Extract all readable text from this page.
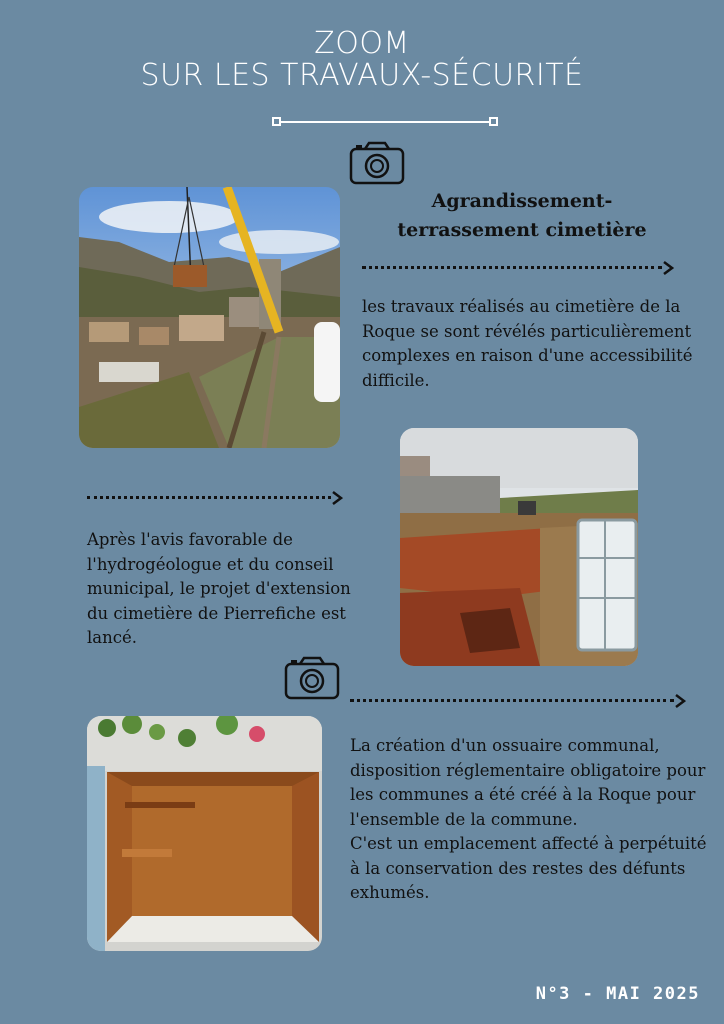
ZOOM
SUR LES TRAVAUX-SÉCURITÉ
Agrandissement-
terrassement cimetière
les travaux réalisés au cimetière de la
Roque se sont révélés particulièrement
complexes en raison d'une accessibilité
difficile.
Après l'avis favorable de
l'hydrogéologue et du conseil
municipal, le projet d'extension
du cimetière de Pierrefiche est
lancé.
La création d'un ossuaire communal,
disposition réglementaire obligatoire pour
les communes a été créé à la Roque pour
l'ensemble de la commune.
C'est un emplacement affecté à perpétuité
à la conservation des restes des défunts
exhumés.
N°3 - MAI 2025
